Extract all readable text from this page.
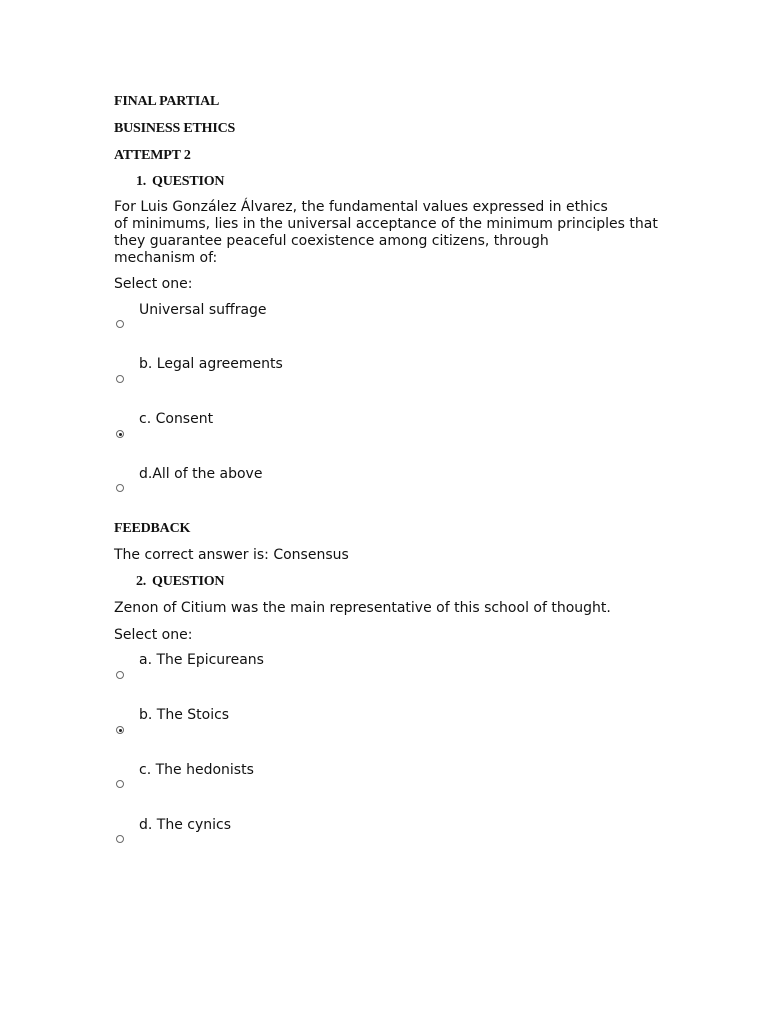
FINAL PARTIAL
BUSINESS ETHICS
ATTEMPT 2
1. QUESTION
For Luis González Álvarez, the fundamental values expressed in ethics
of minimums, lies in the universal acceptance of the minimum principles that
they guarantee peaceful coexistence among citizens, through
mechanism of:
Select one:
Universal suffrage
b. Legal agreements
c. Consent
d.All of the above
FEEDBACK
The correct answer is: Consensus
2. QUESTION
Zenon of Citium was the main representative of this school of thought.
Select one:
a. The Epicureans
b. The Stoics
c. The hedonists
d. The cynics
